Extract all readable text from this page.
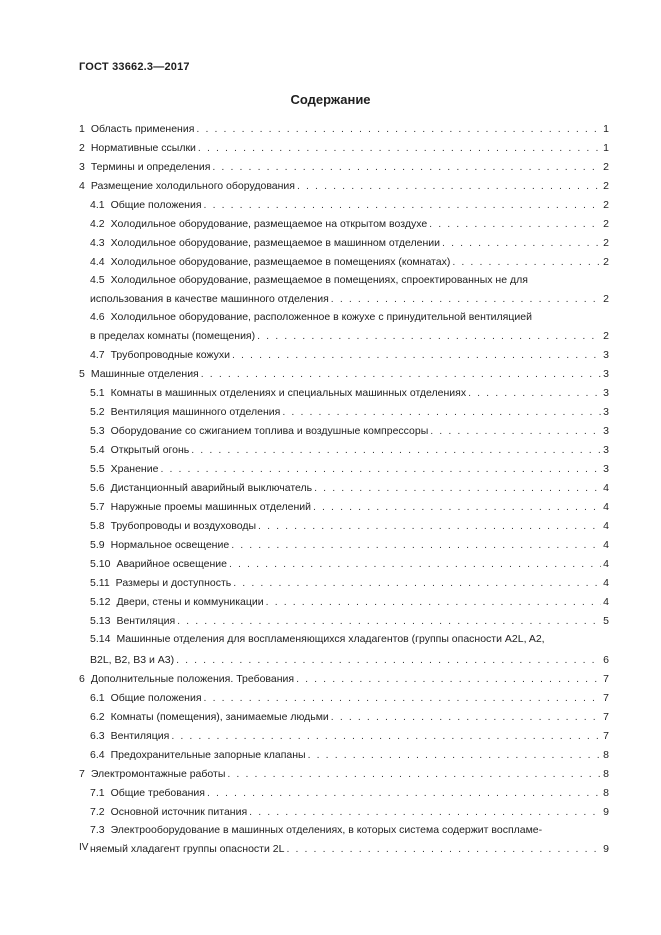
ГОСТ 33662.3—2017
Содержание
1 Область применения . . .	1
2 Нормативные ссылки . . .	1
3 Термины и определения . . .	2
4 Размещение холодильного оборудования . . .	2
4.1 Общие положения . . .	2
4.2 Холодильное оборудование, размещаемое на открытом воздухе . . .	2
4.3 Холодильное оборудование, размещаемое в машинном отделении . . .	2
4.4 Холодильное оборудование, размещаемое в помещениях (комнатах) . . .	2
4.5 Холодильное оборудование, размещаемое в помещениях, спроектированных не для
использования в качестве машинного отделения . . .	2
4.6 Холодильное оборудование, расположенное в кожухе с принудительной вентиляцией
в пределах комнаты (помещения) . . .	2
4.7 Трубопроводные кожухи . . .	3
5 Машинные отделения . . .	3
5.1 Комнаты в машинных отделениях и специальных машинных отделениях . . .	3
5.2 Вентиляция машинного отделения . . .	3
5.3 Оборудование со сжиганием топлива и воздушные компрессоры . . .	3
5.4 Открытый огонь . . .	3
5.5 Хранение . . .	3
5.6 Дистанционный аварийный выключатель . . .	4
5.7 Наружные проемы машинных отделений . . .	4
5.8 Трубопроводы и воздуховоды . . .	4
5.9 Нормальное освещение . . .	4
5.10 Аварийное освещение . . .	4
5.11 Размеры и доступность . . .	4
5.12 Двери, стены и коммуникации . . .	4
5.13 Вентиляция . . .	5
5.14 Машинные отделения для воспламеняющихся хладагентов (группы опасности A2L, A2,
B2L, B2, B3 и A3) . . .	6
6 Дополнительные положения. Требования . . .	7
6.1 Общие положения . . .	7
6.2 Комнаты (помещения), занимаемые людьми . . .	7
6.3 Вентиляция . . .	7
6.4 Предохранительные запорные клапаны . . .	8
7 Электромонтажные работы . . .	8
7.1 Общие требования . . .	8
7.2 Основной источник питания . . .	9
7.3 Электрооборудование в машинных отделениях, в которых система содержит воспламе-
няемый хладагент группы опасности 2L . . .	9
IV
